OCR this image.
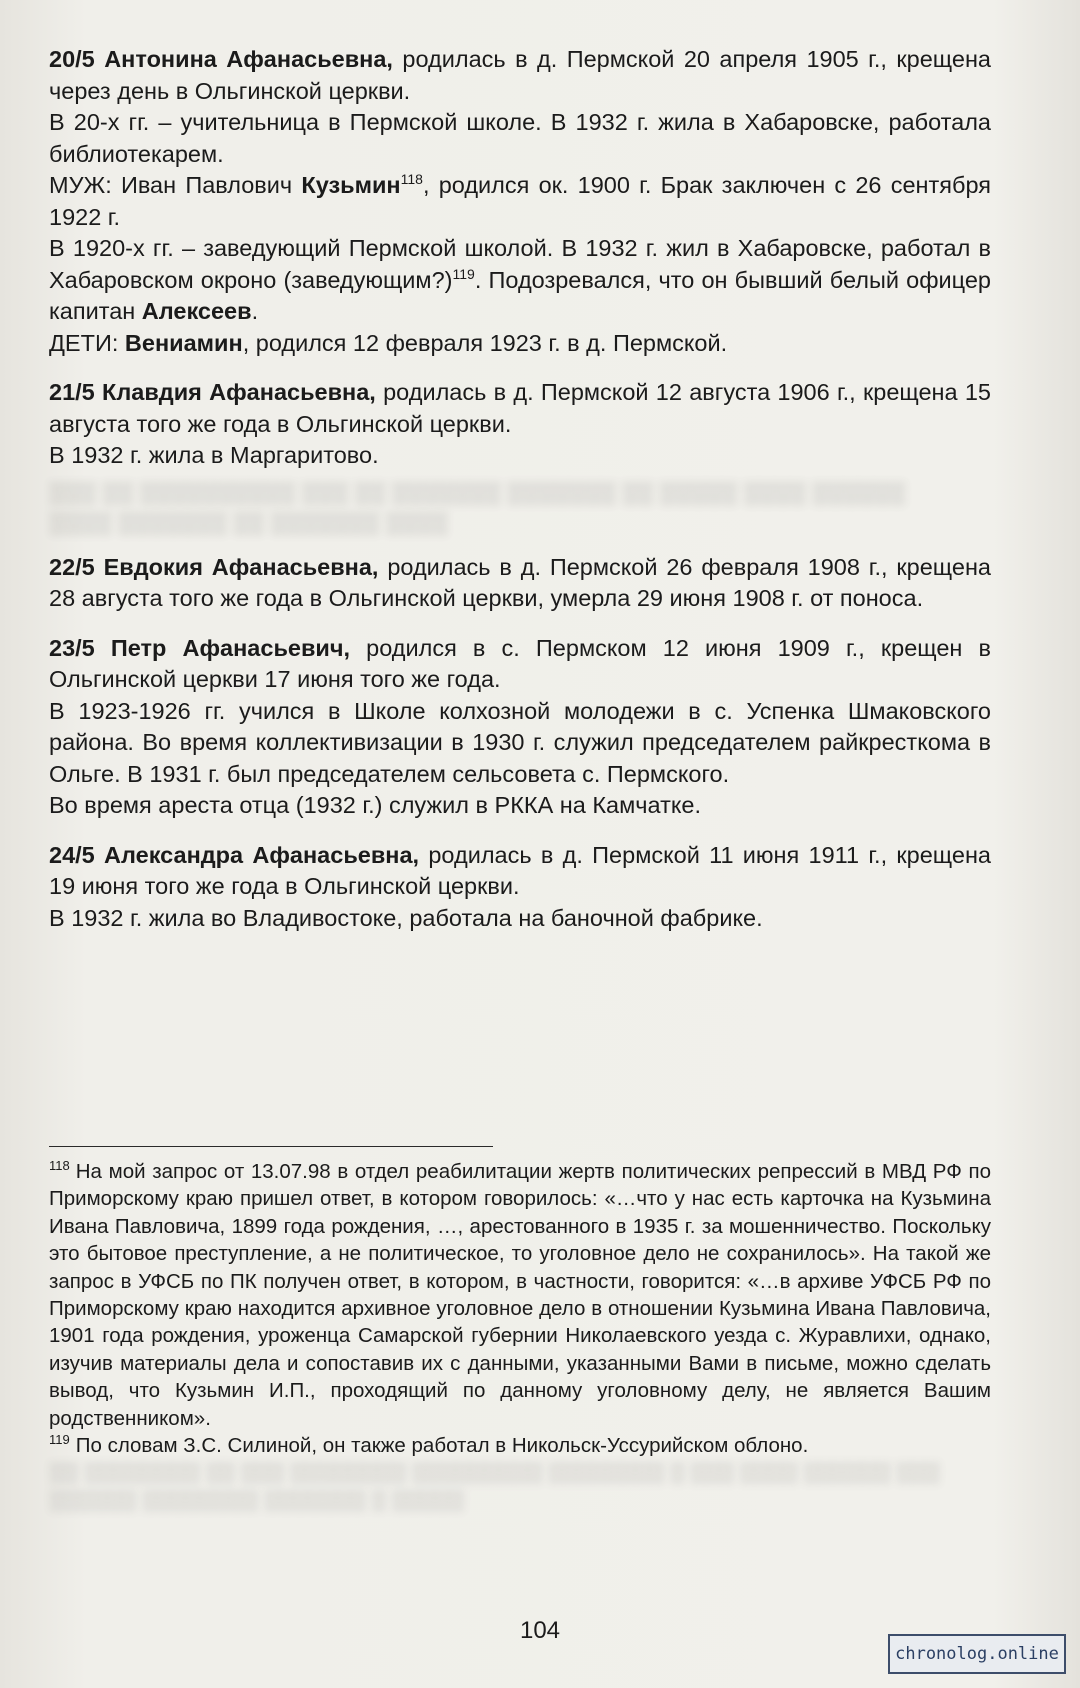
20/5 Антонина Афанасьевна, родилась в д. Пермской 20 апреля 1905 г., крещена через день в Ольгинской церкви.

В 20-х гг. – учительница в Пермской школе. В 1932 г. жила в Хабаровске, работала библиотекарем.

МУЖ: Иван Павлович Кузьмин$^{118}$, родился ок. 1900 г. Брак заключен с 26 сентября 1922 г.

В 1920-х гг. – заведующий Пермской школой. В 1932 г. жил в Хабаровске, работал в Хабаровском окроно (заведующим?)$^{119}$. Подозревался, что он бывший белый офицер капитан Алексеев.

ДЕТИ: Вениамин, родился 12 февраля 1923 г. в д. Пермской.

21/5 Клавдия Афанасьевна, родилась в д. Пермской 12 августа 1906 г., крещена 15 августа того же года в Ольгинской церкви.

В 1932 г. жила в Маргаритово.

░░░ ░░ ░░░░░░░░░░ ░░░ ░░ ░░░░░░░ ░░░░░░░ ░░ ░░░░░ ░░░░ ░░░░░░
░░░░ ░░░░░░░ ░░ ░░░░░░░ ░░░░

22/5 Евдокия Афанасьевна, родилась в д. Пермской 26 февраля 1908 г., крещена 28 августа того же года в Ольгинской церкви, умерла 29 июня 1908 г. от поноса.

23/5 Петр Афанасьевич, родился в с. Пермском 12 июня 1909 г., крещен в Ольгинской церкви 17 июня того же года.

В 1923-1926 гг. учился в Школе колхозной молодежи в с. Успенка Шмаковского района. Во время коллективизации в 1930 г. служил председателем райкресткома в Ольге. В 1931 г. был председателем сельсовета с. Пермского.

Во время ареста отца (1932 г.) служил в РККА на Камчатке.

24/5 Александра Афанасьевна, родилась в д. Пермской 11 июня 1911 г., крещена 19 июня того же года в Ольгинской церкви.

В 1932 г. жила во Владивостоке, работала на баночной фабрике.

$^{118}$ На мой запрос от 13.07.98 в отдел реабилитации жертв политических репрессий в МВД РФ по Приморскому краю пришел ответ, в котором говорилось: «…что у нас есть карточка на Кузьмина Ивана Павловича, 1899 года рождения, …, арестованного в 1935 г. за мошенничество. Поскольку это бытовое преступление, а не политическое, то уголовное дело не сохранилось». На такой же запрос в УФСБ по ПК получен ответ, в котором, в частности, говорится: «…в архиве УФСБ РФ по Приморскому краю находится архивное уголовное дело в отношении Кузьмина Ивана Павловича, 1901 года рождения, уроженца Самарской губернии Николаевского уезда с. Журавлихи, однако, изучив материалы дела и сопоставив их с данными, указанными Вами в письме, можно сделать вывод, что Кузьмин И.П., проходящий по данному уголовному делу, не является Вашим родственником».

$^{119}$ По словам З.С. Силиной, он также работал в Никольск-Уссурийском облоно.

░░ ░░░░░░░░ ░░ ░░░ ░░░░░░░░ ░░░░░░░░░ ░░░░░░░░ ░ ░░░ ░░░░ ░░░░░░ ░░░
░░░░░░ ░░░░░░░░ ░░░░░░░ ░ ░░░░░

104
chronolog.online
